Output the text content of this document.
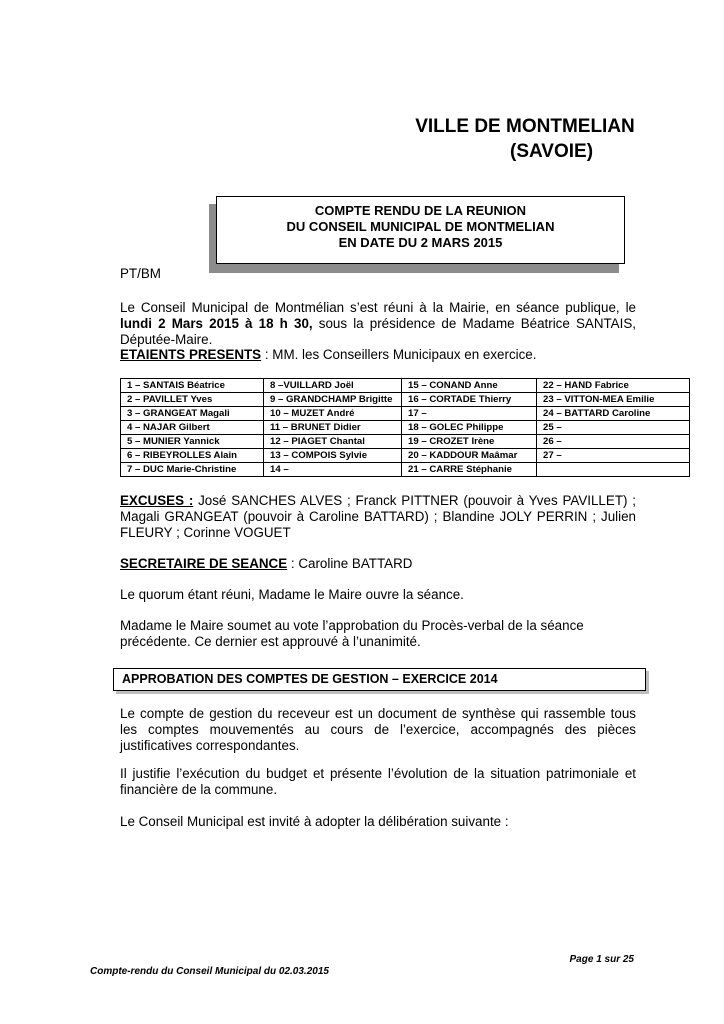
VILLE DE MONTMELIAN
(SAVOIE)
COMPTE RENDU DE LA REUNION
DU CONSEIL MUNICIPAL DE MONTMELIAN
EN DATE DU 2 MARS 2015
PT/BM
Le Conseil Municipal de Montmélian s’est réuni à la Mairie, en séance publique, le lundi 2 Mars 2015 à 18 h 30, sous la présidence de Madame Béatrice SANTAIS, Députée-Maire.
ETAIENTS PRESENTS : MM. les Conseillers Municipaux en exercice.
1 – SANTAIS Béatrice	8 –VUILLARD Joël	15 – CONAND Anne	22 – HAND Fabrice
2 – PAVILLET Yves	9 – GRANDCHAMP Brigitte	16 – CORTADE Thierry	23 – VITTON-MEA Emilie
3 – GRANGEAT Magali	10 – MUZET André	17 –	24 – BATTARD Caroline
4 – NAJAR Gilbert	11 – BRUNET Didier	18 – GOLEC Philippe	25 –
5 – MUNIER Yannick	12 – PIAGET Chantal	19 – CROZET Irène	26 –
6 – RIBEYROLLES Alain	13 – COMPOIS Sylvie	20 – KADDOUR Maâmar	27 –
7 – DUC Marie-Christine	14 –	21 – CARRE Stéphanie	
EXCUSES : José SANCHES ALVES ; Franck PITTNER (pouvoir à Yves PAVILLET) ; Magali GRANGEAT (pouvoir à Caroline BATTARD) ; Blandine JOLY PERRIN ; Julien FLEURY ; Corinne VOGUET
SECRETAIRE DE SEANCE : Caroline BATTARD
Le quorum étant réuni, Madame le Maire ouvre la séance.
Madame le Maire soumet au vote l’approbation du Procès-verbal de la séance précédente. Ce dernier est approuvé à l’unanimité.
APPROBATION DES COMPTES DE GESTION – EXERCICE 2014
Le compte de gestion du receveur est un document de synthèse qui rassemble tous les comptes mouvementés au cours de l’exercice, accompagnés des pièces justificatives correspondantes.
Il justifie l’exécution du budget et présente l’évolution de la situation patrimoniale et financière de la commune.
Le Conseil Municipal est invité à adopter la délibération suivante :
Page 1 sur 25
Compte-rendu du Conseil Municipal du 02.03.2015
